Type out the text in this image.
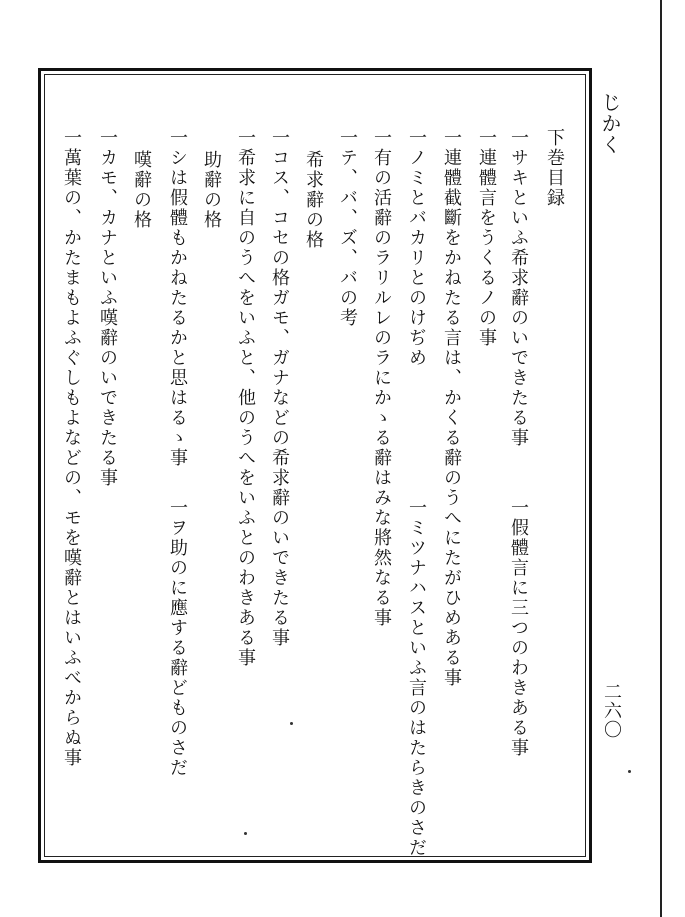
じかく
二六〇
下巻目録
一サキといふ希求辭のいできたる事
一假體言に三つのわきある事
一連體言をうくるノの事
一連體截斷をかねたる言は、かくる辭のうへにたがひめある事
一ノミとバカリとのけぢめ
一ミツナハスといふ言のはたらきのさだ
一有の活辭のラリルレのラにかゝる辭はみな將然なる事
一テ、バ、ズ、バの考
希求辭の格
一コス、コセの格ガモ、ガナなどの希求辭のいできたる事
一希求に自のうへをいふと、他のうへをいふとのわきある事
助辭の格
一シは假體もかねたるかと思はるゝ事
一ヲ助のに應する辭どものさだ
嘆辭の格
一カモ、カナといふ嘆辭のいできたる事
一萬葉の、かたまもよふぐしもよなどの、モを嘆辭とはいふべからぬ事
